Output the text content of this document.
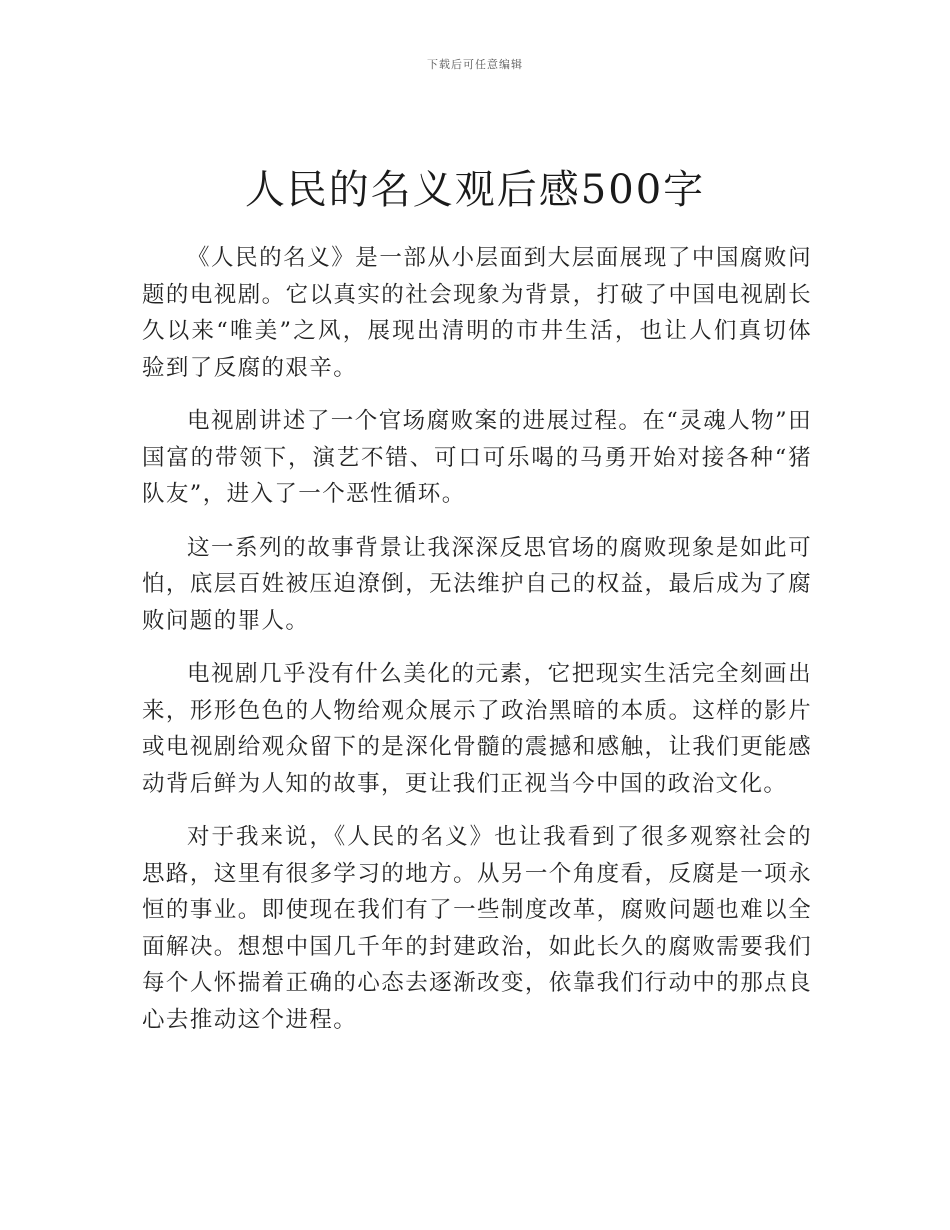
下载后可任意编辑
人民的名义观后感500字

《人民的名义》是一部从小层面到大层面展现了中国腐败问题的电视剧。它以真实的社会现象为背景，打破了中国电视剧长久以来“唯美”之风，展现出清明的市井生活，也让人们真切体验到了反腐的艰辛。

电视剧讲述了一个官场腐败案的进展过程。在“灵魂人物”田国富的带领下，演艺不错、可口可乐喝的马勇开始对接各种“猪队友”，进入了一个恶性循环。

这一系列的故事背景让我深深反思官场的腐败现象是如此可怕，底层百姓被压迫潦倒，无法维护自己的权益，最后成为了腐败问题的罪人。

电视剧几乎没有什么美化的元素，它把现实生活完全刻画出来，形形色色的人物给观众展示了政治黑暗的本质。这样的影片或电视剧给观众留下的是深化骨髓的震撼和感触，让我们更能感动背后鲜为人知的故事，更让我们正视当今中国的政治文化。

对于我来说，《人民的名义》也让我看到了很多观察社会的思路，这里有很多学习的地方。从另一个角度看，反腐是一项永恒的事业。即使现在我们有了一些制度改革，腐败问题也难以全面解决。想想中国几千年的封建政治，如此长久的腐败需要我们每个人怀揣着正确的心态去逐渐改变，依靠我们行动中的那点良心去推动这个进程。
